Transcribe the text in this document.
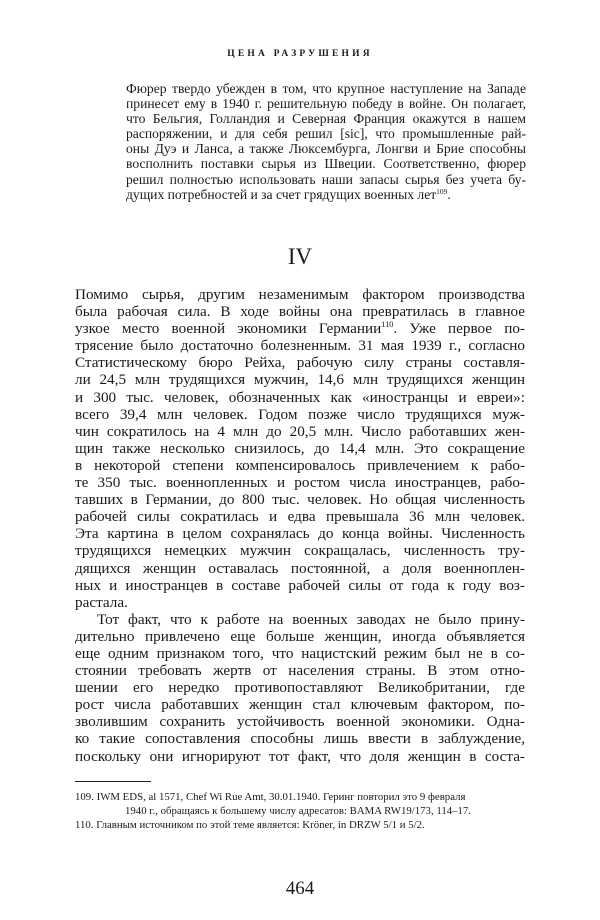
ЦЕНА РАЗРУШЕНИЯ
Фюрер твердо убежден в том, что крупное наступление на Западе
принесет ему в 1940 г. решительную победу в войне. Он полагает,
что Бельгия, Голландия и Северная Франция окажутся в нашем
распоряжении, и для себя решил [sic], что промышленные рай-
оны Дуэ и Ланса, а также Люксембурга, Лонгви и Брие способны
восполнить поставки сырья из Швеции. Соответственно, фюрер
решил полностью использовать наши запасы сырья без учета бу-
дущих потребностей и за счет грядущих военных лет$^{109}$.
IV
Помимо сырья, другим незаменимым фактором производства
была рабочая сила. В ходе войны она превратилась в главное
узкое место военной экономики Германии$^{110}$. Уже первое по-
трясение было достаточно болезненным. 31 мая 1939 г., согласно
Статистическому бюро Рейха, рабочую силу страны составля-
ли 24,5 млн трудящихся мужчин, 14,6 млн трудящихся женщин
и 300 тыс. человек, обозначенных как «иностранцы и евреи»:
всего 39,4 млн человек. Годом позже число трудящихся муж-
чин сократилось на 4 млн до 20,5 млн. Число работавших жен-
щин также несколько снизилось, до 14,4 млн. Это сокращение
в некоторой степени компенсировалось привлечением к рабо-
те 350 тыс. военнопленных и ростом числа иностранцев, рабо-
тавших в Германии, до 800 тыс. человек. Но общая численность
рабочей силы сократилась и едва превышала 36 млн человек.
Эта картина в целом сохранялась до конца войны. Численность
трудящихся немецких мужчин сокращалась, численность тру-
дящихся женщин оставалась постоянной, а доля военноплен-
ных и иностранцев в составе рабочей силы от года к году воз-
растала.
Тот факт, что к работе на военных заводах не было прину-
дительно привлечено еще больше женщин, иногда объявляется
еще одним признаком того, что нацистский режим был не в со-
стоянии требовать жертв от населения страны. В этом отно-
шении его нередко противопоставляют Великобритании, где
рост числа работавших женщин стал ключевым фактором, по-
зволившим сохранить устойчивость военной экономики. Одна-
ко такие сопоставления способны лишь ввести в заблуждение,
поскольку они игнорируют тот факт, что доля женщин в соста-
109. IWM EDS, al 1571, Chef Wi Rue Amt, 30.01.1940. Геринг повторил это 9 февраля
1940 г., обращаясь к большему числу адресатов: BAMA RW19/173, 114–17.
110. Главным источником по этой теме является: Kröner, in DRZW 5/1 и 5/2.
464
